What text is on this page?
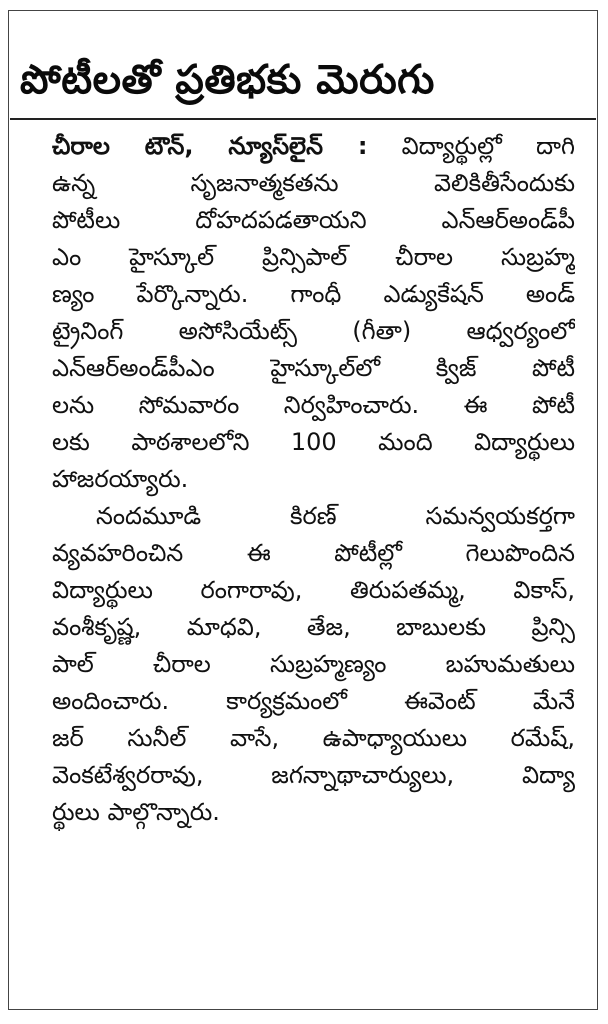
పోటీలతో ప్రతిభకు మెరుగు
చీరాల టౌన్, న్యూస్‌లైన్ : విద్యార్థుల్లో దాగి
ఉన్న సృజనాత్మకతను వెలికితీసేందుకు
పోటీలు దోహదపడతాయని ఎన్ఆర్అండ్‌పీ
ఎం హైస్కూల్ ప్రిన్సిపాల్ చీరాల సుబ్రహ్మ
ణ్యం పేర్కొన్నారు. గాంధీ ఎడ్యుకేషన్ అండ్
ట్రైనింగ్ అసోసియేట్స్ (గీతా) ఆధ్వర్యంలో
ఎన్ఆర్అండ్‌పీఎం హైస్కూల్‌లో క్విజ్ పోటీ
లను సోమవారం నిర్వహించారు. ఈ పోటీ
లకు పాఠశాలలోని 100 మంది విద్యార్థులు
హాజరయ్యారు.
నందమూడి కిరణ్ సమన్వయకర్తగా
వ్యవహరించిన ఈ పోటీల్లో గెలుపొందిన
విద్యార్థులు రంగారావు, తిరుపతమ్మ, వికాస్,
వంశీకృష్ణ, మాధవి, తేజ, బాబులకు ప్రిన్సి
పాల్ చీరాల సుబ్రహ్మణ్యం బహుమతులు
అందించారు. కార్యక్రమంలో ఈవెంట్ మేనే
జర్ సునీల్ వాసే, ఉపాధ్యాయులు రమేష్,
వెంకటేశ్వరరావు, జగన్నాథాచార్యులు, విద్యా
ర్థులు పాల్గొన్నారు.
